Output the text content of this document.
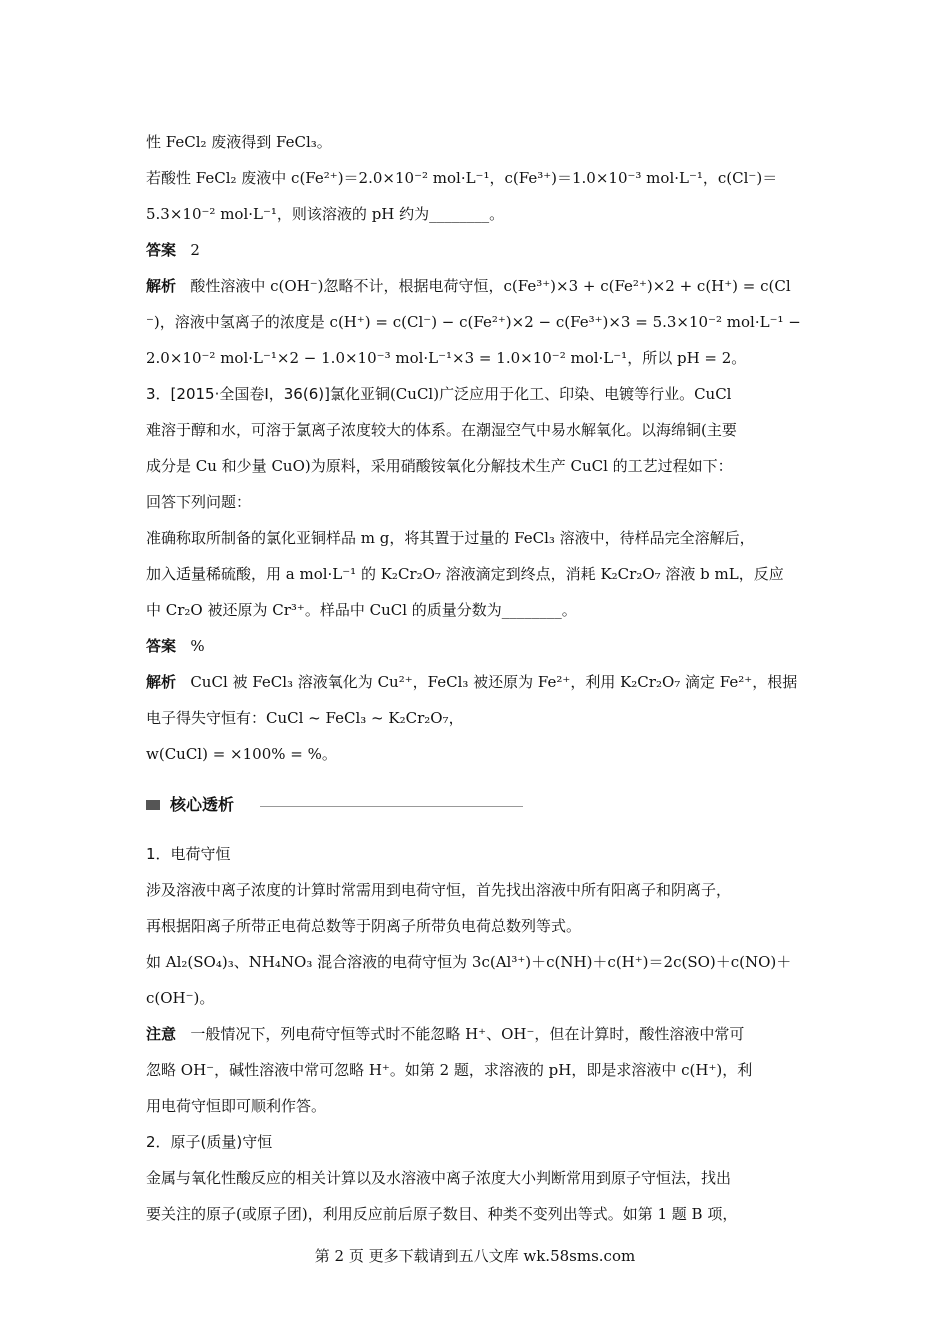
性 FeCl₂ 废液得到 FeCl₃。
若酸性 FeCl₂ 废液中 c(Fe²⁺)＝2.0×10⁻² mol·L⁻¹，c(Fe³⁺)＝1.0×10⁻³ mol·L⁻¹，c(Cl⁻)＝
5.3×10⁻² mol·L⁻¹，则该溶液的 pH 约为________。
答案 2
解析 酸性溶液中 c(OH⁻)忽略不计，根据电荷守恒，c(Fe³⁺)×3 + c(Fe²⁺)×2 + c(H⁺) = c(Cl
⁻)，溶液中氢离子的浓度是 c(H⁺) = c(Cl⁻) − c(Fe²⁺)×2 − c(Fe³⁺)×3 = 5.3×10⁻² mol·L⁻¹ −
2.0×10⁻² mol·L⁻¹×2 − 1.0×10⁻³ mol·L⁻¹×3 = 1.0×10⁻² mol·L⁻¹，所以 pH = 2。
3．[2015·全国卷Ⅰ，36(6)]氯化亚铜(CuCl)广泛应用于化工、印染、电镀等行业。CuCl
难溶于醇和水，可溶于氯离子浓度较大的体系。在潮湿空气中易水解氧化。以海绵铜(主要
成分是 Cu 和少量 CuO)为原料，采用硝酸铵氧化分解技术生产 CuCl 的工艺过程如下：
回答下列问题：
准确称取所制备的氯化亚铜样品 m g，将其置于过量的 FeCl₃ 溶液中，待样品完全溶解后，
加入适量稀硫酸，用 a mol·L⁻¹ 的 K₂Cr₂O₇ 溶液滴定到终点，消耗 K₂Cr₂O₇ 溶液 b mL，反应
中 Cr₂O 被还原为 Cr³⁺。样品中 CuCl 的质量分数为________。
答案 %
解析 CuCl 被 FeCl₃ 溶液氧化为 Cu²⁺，FeCl₃ 被还原为 Fe²⁺，利用 K₂Cr₂O₇ 滴定 Fe²⁺，根据
电子得失守恒有：CuCl ~ FeCl₃ ~ K₂Cr₂O₇，
w(CuCl) = ×100% = %。
核心透析
1．电荷守恒
涉及溶液中离子浓度的计算时常需用到电荷守恒，首先找出溶液中所有阳离子和阴离子，
再根据阳离子所带正电荷总数等于阴离子所带负电荷总数列等式。
如 Al₂(SO₄)₃、NH₄NO₃ 混合溶液的电荷守恒为 3c(Al³⁺)＋c(NH)＋c(H⁺)＝2c(SO)＋c(NO)＋
c(OH⁻)。
注意 一般情况下，列电荷守恒等式时不能忽略 H⁺、OH⁻，但在计算时，酸性溶液中常可
忽略 OH⁻，碱性溶液中常可忽略 H⁺。如第 2 题，求溶液的 pH，即是求溶液中 c(H⁺)，利
用电荷守恒即可顺利作答。
2．原子(质量)守恒
金属与氧化性酸反应的相关计算以及水溶液中离子浓度大小判断常用到原子守恒法，找出
要关注的原子(或原子团)，利用反应前后原子数目、种类不变列出等式。如第 1 题 B 项，
第 2 页 更多下载请到五八文库 wk.58sms.com
